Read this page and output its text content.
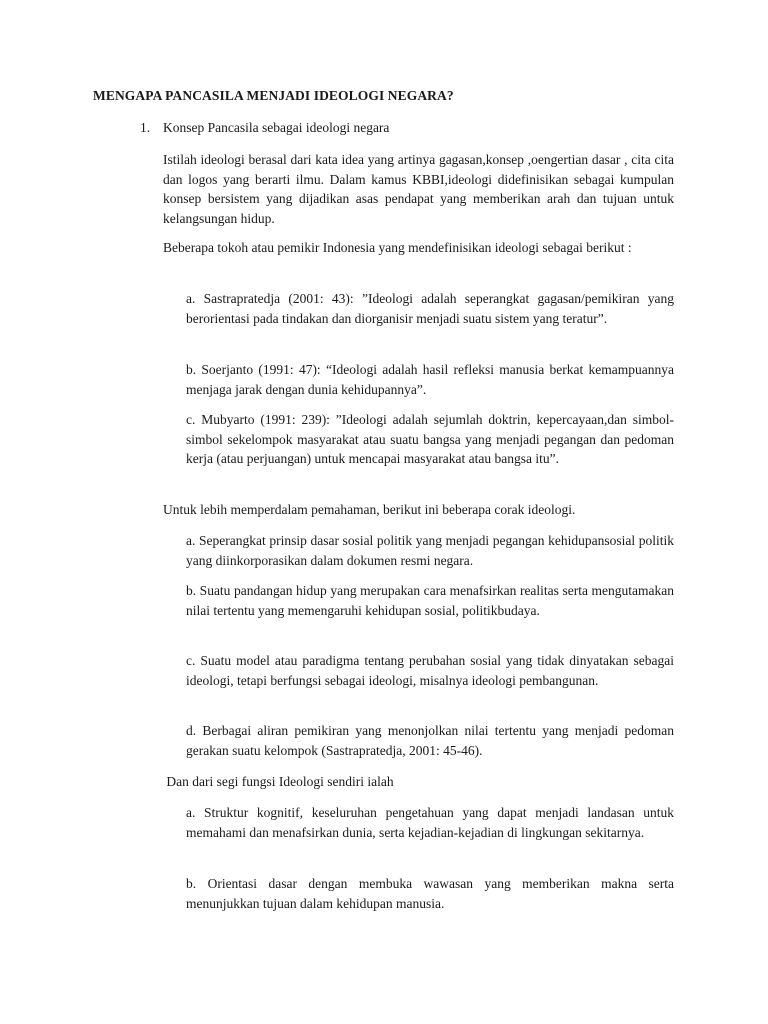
MENGAPA PANCASILA MENJADI IDEOLOGI NEGARA?
1. Konsep Pancasila sebagai ideologi negara

Istilah ideologi berasal dari kata idea yang artinya gagasan,konsep ,oengertian dasar , cita cita dan logos yang berarti ilmu. Dalam kamus KBBI,ideologi didefinisikan sebagai kumpulan konsep bersistem yang dijadikan asas pendapat yang memberikan arah dan tujuan untuk kelangsungan hidup.

Beberapa tokoh atau pemikir Indonesia yang mendefinisikan ideologi sebagai berikut :

a. Sastrapratedja (2001: 43): ”Ideologi adalah seperangkat gagasan/pemikiran yang berorientasi pada tindakan dan diorganisir menjadi suatu sistem yang teratur”.

b. Soerjanto (1991: 47): “Ideologi adalah hasil refleksi manusia berkat kemampuannya menjaga jarak dengan dunia kehidupannya”.

c. Mubyarto (1991: 239): ”Ideologi adalah sejumlah doktrin, kepercayaan,dan simbol-simbol sekelompok masyarakat atau suatu bangsa yang menjadi pegangan dan pedoman kerja (atau perjuangan) untuk mencapai masyarakat atau bangsa itu”.

Untuk lebih memperdalam pemahaman, berikut ini beberapa corak ideologi.

a. Seperangkat prinsip dasar sosial politik yang menjadi pegangan kehidupansosial politik yang diinkorporasikan dalam dokumen resmi negara.

b. Suatu pandangan hidup yang merupakan cara menafsirkan realitas serta mengutamakan nilai tertentu yang memengaruhi kehidupan sosial, politikbudaya.

c. Suatu model atau paradigma tentang perubahan sosial yang tidak dinyatakan sebagai ideologi, tetapi berfungsi sebagai ideologi, misalnya ideologi pembangunan.

d. Berbagai aliran pemikiran yang menonjolkan nilai tertentu yang menjadi pedoman gerakan suatu kelompok (Sastrapratedja, 2001: 45-46).

Dan dari segi fungsi Ideologi sendiri ialah

a. Struktur kognitif, keseluruhan pengetahuan yang dapat menjadi landasan untuk memahami dan menafsirkan dunia, serta kejadian-kejadian di lingkungan sekitarnya.

b. Orientasi dasar dengan membuka wawasan yang memberikan makna serta menunjukkan tujuan dalam kehidupan manusia.
